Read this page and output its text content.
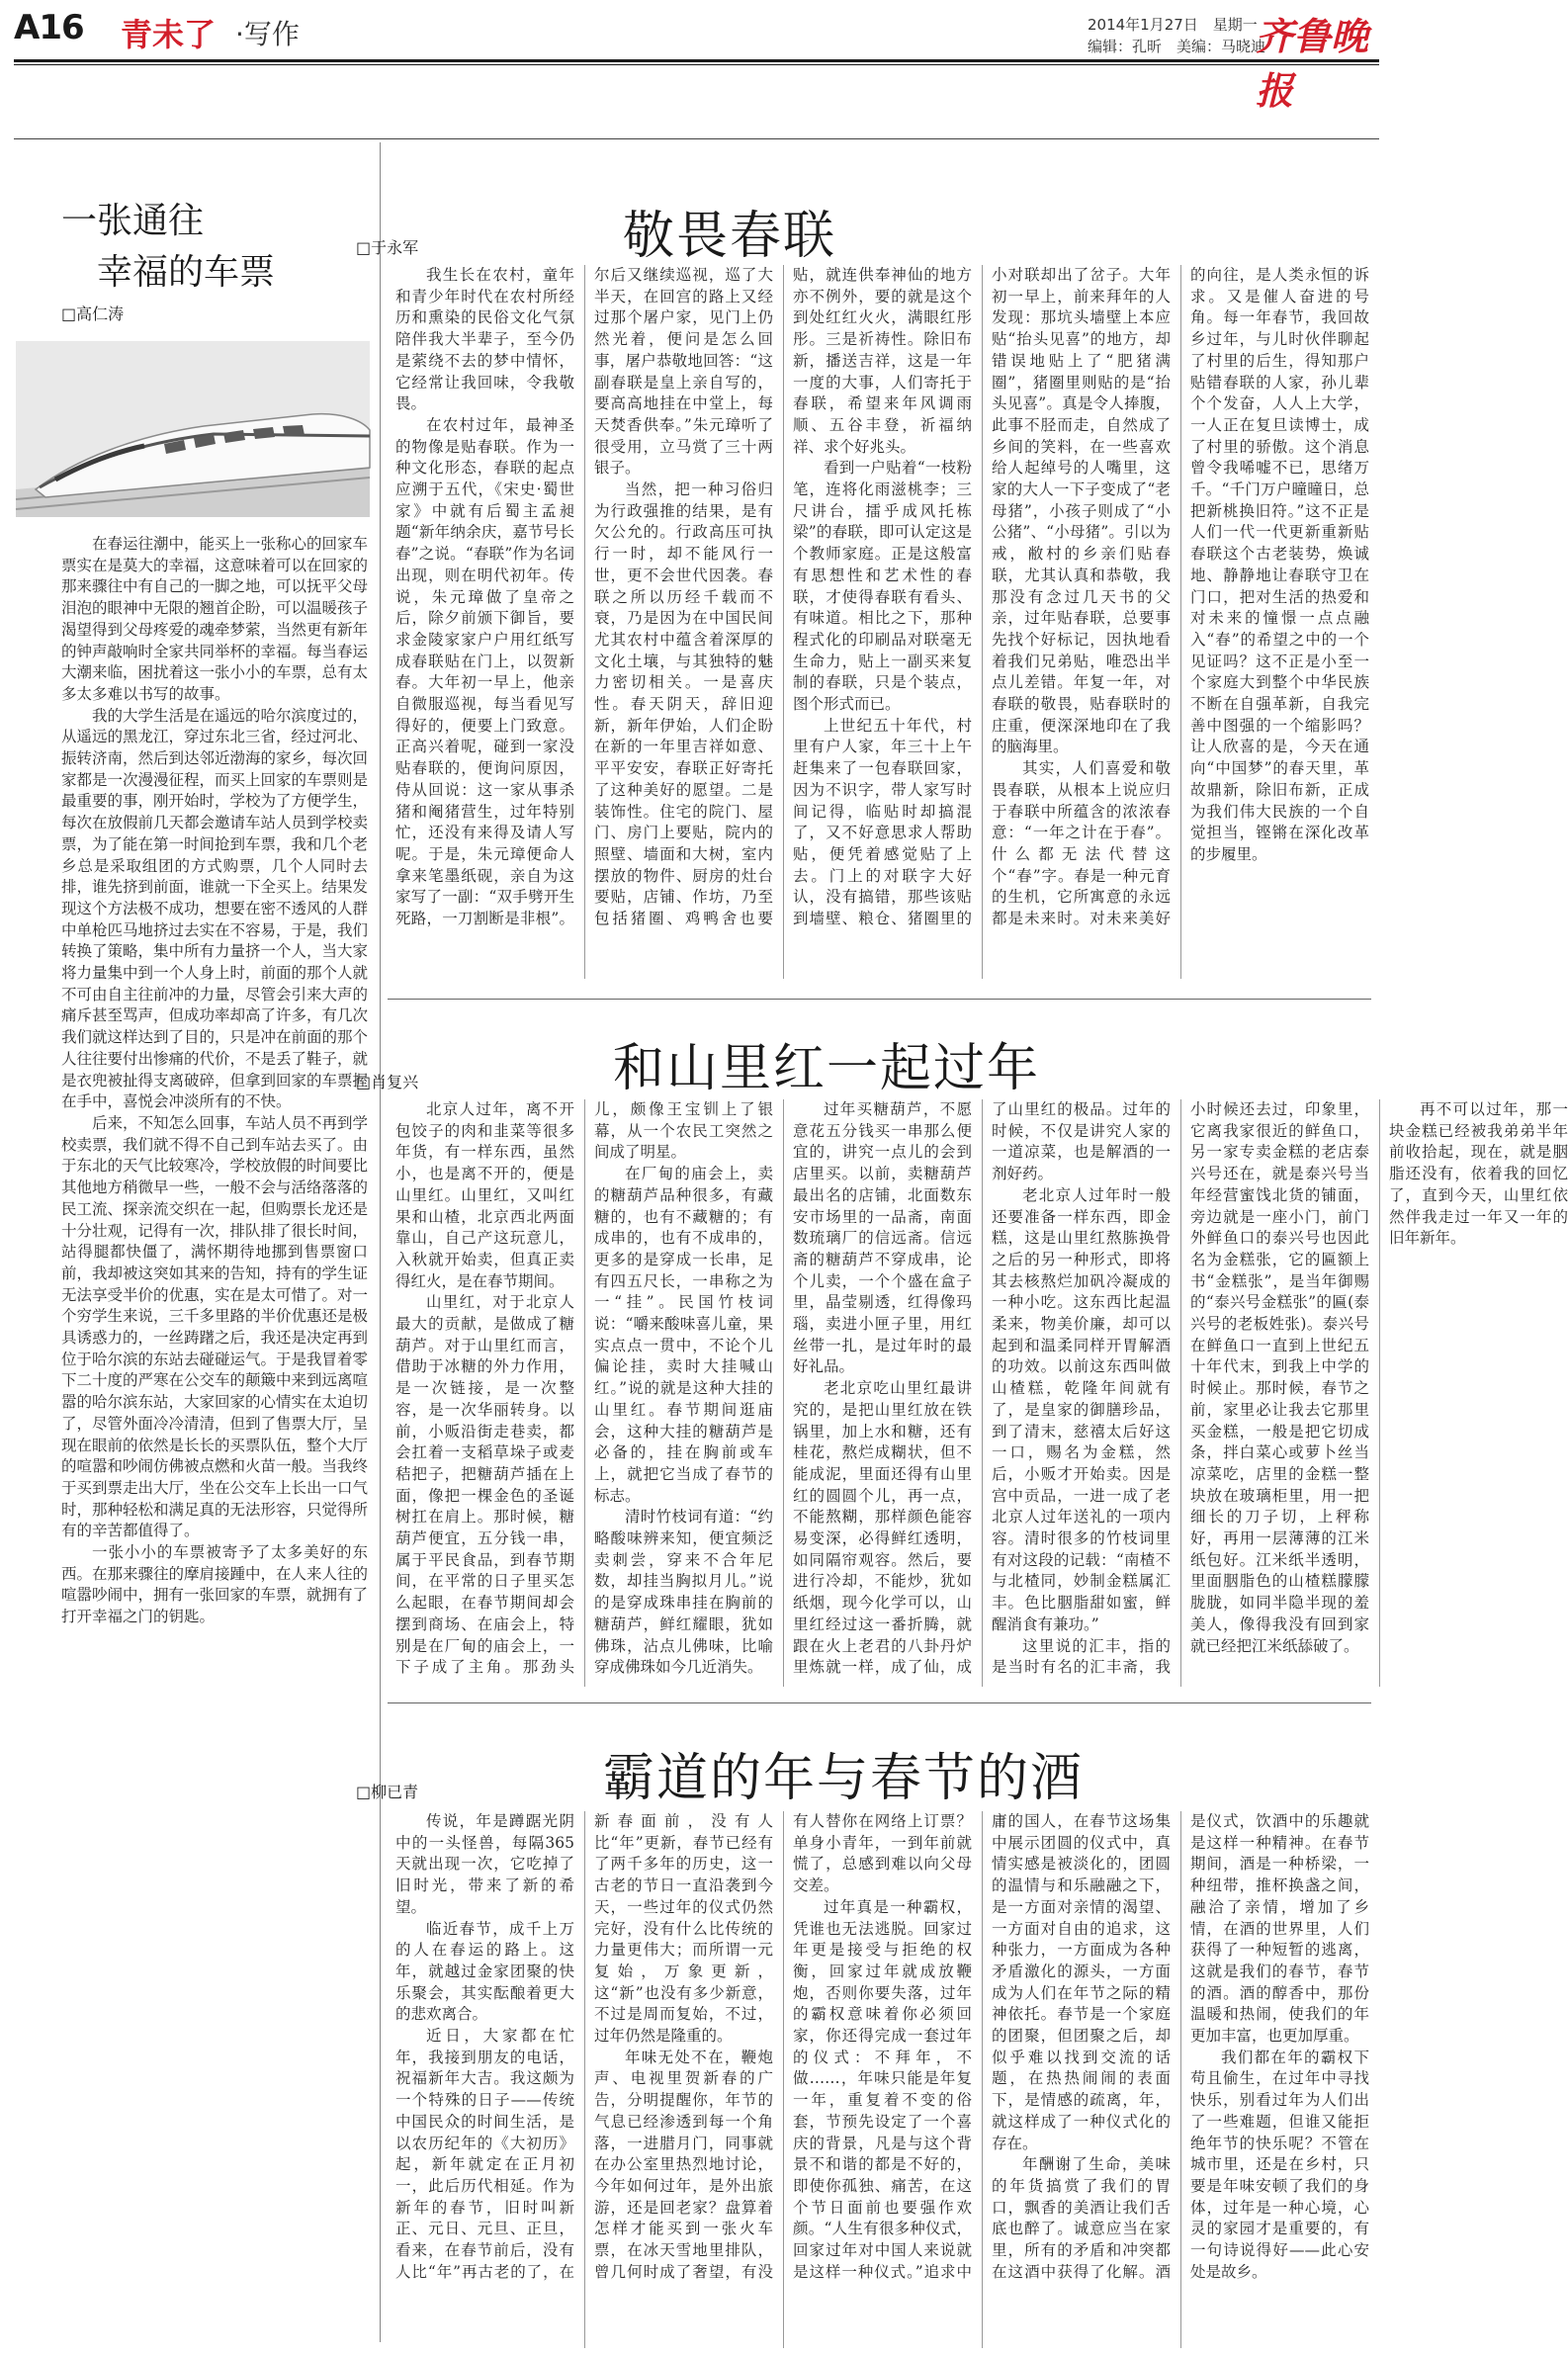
A16 青未了 ·写作	2014年1月27日　星期一
编辑：孔昕　美编：马晓迪
齐鲁晚报
一张通往
幸福的车票
□高仁涛

在春运往潮中，能买上一张称心的回家车票实在是莫大的幸福，这意味着可以在回家的那来骤往中有自己的一脚之地，可以抚平父母泪泡的眼神中无限的翘首企盼，可以温暖孩子渴望得到父母疼爱的魂牵梦萦，当然更有新年的钟声敲响时全家共同举杯的幸福。每当春运大潮来临，困扰着这一张小小的车票，总有太多太多难以书写的故事。

我的大学生活是在遥远的哈尔滨度过的，从遥远的黑龙江，穿过东北三省，经过河北、振转济南，然后到达邻近渤海的家乡，每次回家都是一次漫漫征程，而买上回家的车票则是最重要的事，刚开始时，学校为了方便学生，每次在放假前几天都会邀请车站人员到学校卖票，为了能在第一时间抢到车票，我和几个老乡总是采取组团的方式购票，几个人同时去排，谁先挤到前面，谁就一下全买上。结果发现这个方法极不成功，想要在密不透风的人群中单枪匹马地挤过去实在不容易，于是，我们转换了策略，集中所有力量挤一个人，当大家将力量集中到一个人身上时，前面的那个人就不可由自主往前冲的力量，尽管会引来大声的痛斥甚至骂声，但成功率却高了许多，有几次我们就这样达到了目的，只是冲在前面的那个人往往要付出惨痛的代价，不是丢了鞋子，就是衣兜被扯得支离破碎，但拿到回家的车票握在手中，喜悦会冲淡所有的不快。

后来，不知怎么回事，车站人员不再到学校卖票，我们就不得不自己到车站去买了。由于东北的天气比较寒冷，学校放假的时间要比其他地方稍微早一些，一般不会与活络落落的民工流、探亲流交织在一起，但购票长龙还是十分壮观，记得有一次，排队排了很长时间，站得腿都快僵了，满怀期待地挪到售票窗口前，我却被这突如其来的告知，持有的学生证无法享受半价的优惠，实在是太可惜了。对一个穷学生来说，三千多里路的半价优惠还是极具诱惑力的，一丝踌躇之后，我还是决定再到位于哈尔滨的东站去碰碰运气。于是我冒着零下二十度的严寒在公交车的颠簸中来到远离喧嚣的哈尔滨东站，大家回家的心情实在太迫切了，尽管外面冷冷清清，但到了售票大厅，呈现在眼前的依然是长长的买票队伍，整个大厅的喧嚣和吵闹仿佛被点燃和火苗一般。当我终于买到票走出大厅，坐在公交车上长出一口气时，那种轻松和满足真的无法形容，只觉得所有的辛苦都值得了。

一张小小的车票被寄予了太多美好的东西。在那来骤往的摩肩接踵中，在人来人往的喧嚣吵闹中，拥有一张回家的车票，就拥有了打开幸福之门的钥匙。

敬畏春联
□于永军

我生长在农村，童年和青少年时代在农村所经历和熏染的民俗文化气氛陪伴我大半辈子，至今仍是萦绕不去的梦中情怀，它经常让我回味，令我敬畏。

在农村过年，最神圣的物像是贴春联。作为一种文化形态，春联的起点应溯于五代，《宋史·蜀世家》中就有后蜀主孟昶题“新年纳余庆，嘉节号长春”之说。“春联”作为名词出现，则在明代初年。传说，朱元璋做了皇帝之后，除夕前颁下御旨，要求金陵家家户户用红纸写成春联贴在门上，以贺新春。大年初一早上，他亲自微服巡视，每当看见写得好的，便要上门致意。正高兴着呢，碰到一家没贴春联的，便询问原因，侍从回说：这一家从事杀猪和阉猪营生，过年特别忙，还没有来得及请人写呢。于是，朱元璋便命人拿来笔墨纸砚，亲自为这家写了一副：“双手劈开生死路，一刀割断是非根”。尔后又继续巡视，巡了大半天，在回宫的路上又经过那个屠户家，见门上仍然光着，便问是怎么回事，屠户恭敬地回答：“这副春联是皇上亲自写的，要高高地挂在中堂上，每天焚香供奉。”朱元璋听了很受用，立马赏了三十两银子。

当然，把一种习俗归为行政强推的结果，是有欠公允的。行政高压可执行一时，却不能风行一世，更不会世代因袭。春联之所以历经千载而不衰，乃是因为在中国民间尤其农村中蕴含着深厚的文化土壤，与其独特的魅力密切相关。一是喜庆性。春天阴天，辞旧迎新，新年伊始，人们企盼在新的一年里吉祥如意、平平安安，春联正好寄托了这种美好的愿望。二是装饰性。住宅的院门、屋门、房门上要贴，院内的照壁、墙面和大树，室内摆放的物件、厨房的灶台要贴，店铺、作坊，乃至包括猪圈、鸡鸭舍也要贴，就连供奉神仙的地方亦不例外，要的就是这个到处红红火火，满眼红彤彤。三是祈祷性。除旧布新，播送吉祥，这是一年一度的大事，人们寄托于春联，希望来年风调雨顺、五谷丰登，祈福纳祥、求个好兆头。

看到一户贴着“一枝粉笔，连将化雨滋桃李；三尺讲台，擂乎成风托栋梁”的春联，即可认定这是个教师家庭。正是这般富有思想性和艺术性的春联，才使得春联有看头、有味道。相比之下，那种程式化的印刷品对联毫无生命力，贴上一副买来复制的春联，只是个装点，图个形式而已。

上世纪五十年代，村里有户人家，年三十上午赶集来了一包春联回家，因为不识字，带人家写时间记得，临贴时却搞混了，又不好意思求人帮助贴，便凭着感觉贴了上去。门上的对联字大好认，没有搞错，那些该贴到墙壁、粮仓、猪圈里的小对联却出了岔子。大年初一早上，前来拜年的人发现：那坑头墙壁上本应贴“抬头见喜”的地方，却错误地贴上了“肥猪满圈”，猪圈里则贴的是“抬头见喜”。真是令人捧腹，此事不胫而走，自然成了乡间的笑料，在一些喜欢给人起绰号的人嘴里，这家的大人一下子变成了“老母猪”，小孩子则成了“小公猪”、“小母猪”。引以为戒，敝村的乡亲们贴春联，尤其认真和恭敬，我那没有念过几天书的父亲，过年贴春联，总要事先找个好标记，因执地看着我们兄弟贴，唯恐出半点儿差错。年复一年，对春联的敬畏，贴春联时的庄重，便深深地印在了我的脑海里。

其实，人们喜爱和敬畏春联，从根本上说应归于春联中所蕴含的浓浓春意：“一年之计在于春”。什么都无法代替这个“春”字。春是一种元育的生机，它所寓意的永远都是未来时。对未来美好的向往，是人类永恒的诉求。又是催人奋进的号角。每一年春节，我回故乡过年，与儿时伙伴聊起了村里的后生，得知那户贴错春联的人家，孙儿辈个个发奋，人人上大学，一人正在复旦读博士，成了村里的骄傲。这个消息曾令我唏嘘不已，思绪万千。“千门万户曈曈日，总把新桃换旧符。”这不正是人们一代一代更新重新贴春联这个古老装势，焕诚地、静静地让春联守卫在门口，把对生活的热爱和对未来的憧憬一点点融入“春”的希望之中的一个见证吗？这不正是小至一个家庭大到整个中华民族不断在自强革新，自我完善中图强的一个缩影吗？让人欣喜的是，今天在通向“中国梦”的春天里，革故鼎新，除旧布新，正成为我们伟大民族的一个自觉担当，铿锵在深化改革的步履里。

和山里红一起过年
□肖复兴

北京人过年，离不开包饺子的肉和韭菜等很多年货，有一样东西，虽然小，也是离不开的，便是山里红。山里红，又叫红果和山楂，北京西北两面靠山，自己产这玩意儿，入秋就开始卖，但真正卖得红火，是在春节期间。

山里红，对于北京人最大的贡献，是做成了糖葫芦。对于山里红而言，借助于冰糖的外力作用，是一次链接，是一次整容，是一次华丽转身。以前，小贩沿街走巷卖，都会扛着一支稻草垛子或麦秸把子，把糖葫芦插在上面，像把一棵金色的圣诞树扛在肩上。那时候，糖葫芦便宜，五分钱一串，属于平民食品，到春节期间，在平常的日子里买怎么起眼，在春节期间却会摆到商场、在庙会上，特别是在厂甸的庙会上，一下子成了主角。那劲头儿，颇像王宝钏上了银幕，从一个农民工突然之间成了明星。

在厂甸的庙会上，卖的糖葫芦品种很多，有藏糖的，也有不藏糖的；有成串的，也有不成串的，更多的是穿成一长串，足有四五尺长，一串称之为一“挂”。民国竹枝词说：“嚼来酸味喜儿童，果实点点一贯中，不论个儿偏论挂，卖时大挂喊山红。”说的就是这种大挂的山里红。春节期间逛庙会，这种大挂的糖葫芦是必备的，挂在胸前或车上，就把它当成了春节的标志。

清时竹枝词有道：“约略酸味辨来知，便宜频泛卖刺尝，穿来不合年尼数，却挂当胸拟月儿。”说的是穿成珠串挂在胸前的糖葫芦，鲜红耀眼，犹如佛珠，沾点儿佛味，比喻穿成佛珠如今几近消失。

过年买糖葫芦，不愿意花五分钱买一串那么便宜的，讲究一点儿的会到店里买。以前，卖糖葫芦最出名的店铺，北面数东安市场里的一品斋，南面数琉璃厂的信远斋。信远斋的糖葫芦不穿成串，论个儿卖，一个个盛在盒子里，晶莹剔透，红得像玛瑙，卖进小匣子里，用红丝带一扎，是过年时的最好礼品。

老北京吃山里红最讲究的，是把山里红放在铁锅里，加上水和糖，还有桂花，熬烂成糊状，但不能成泥，里面还得有山里红的圆圆个儿，再一点，不能熬糊，那样颜色能容易变深，必得鲜红透明，如同隔帘观容。然后，要进行冷却，不能炒，犹如纸烟，现今化学可以，山里红经过这一番折腾，就跟在火上老君的八卦丹炉里炼就一样，成了仙，成了山里红的极品。过年的时候，不仅是讲究人家的一道凉菜，也是解酒的一剂好药。

老北京人过年时一般还要准备一样东西，即金糕，这是山里红熬胨换骨之后的另一种形式，即将其去核熬烂加矾冷凝成的一种小吃。这东西比起温柔来，物美价廉，却可以起到和温柔同样开胃解酒的功效。以前这东西叫做山楂糕，乾隆年间就有了，是皇家的御膳珍品，到了清末，慈禧太后好这一口，赐名为金糕，然后，小贩才开始卖。因是宫中贡品，一进一成了老北京人过年送礼的一项内容。清时很多的竹枝词里有对这段的记载：“南楂不与北楂同，妙制金糕属汇丰。色比胭脂甜如蜜，鲜醒消食有兼功。”

这里说的汇丰，指的是当时有名的汇丰斋，我小时候还去过，印象里，它离我家很近的鲜鱼口，另一家专卖金糕的老店泰兴号还在，就是泰兴号当年经营蜜饯北货的铺面，旁边就是一座小门，前门外鲜鱼口的泰兴号也因此名为金糕张，它的匾额上书“金糕张”，是当年御赐的“泰兴号金糕张”的匾(泰兴号的老板姓张)。泰兴号在鲜鱼口一直到上世纪五十年代末，到我上中学的时候止。那时候，春节之前，家里必让我去它那里买金糕，一般是把它切成条，拌白菜心或萝卜丝当凉菜吃，店里的金糕一整块放在玻璃柜里，用一把细长的刀子切，上秤称好，再用一层薄薄的江米纸包好。江米纸半透明，里面胭脂色的山楂糕朦朦胧胧，如同半隐半现的羞美人，像得我没有回到家就已经把江米纸舔破了。

再不可以过年，那一块金糕已经被我弟弟半年前收拾起，现在，就是胭脂还没有，依着我的回忆了，直到今天，山里红依然伴我走过一年又一年的旧年新年。

霸道的年与春节的酒
□柳已青

传说，年是蹲踞光阴中的一头怪兽，每隔365天就出现一次，它吃掉了旧时光，带来了新的希望。

临近春节，成千上万的人在春运的路上。这年，就越过金家团聚的快乐聚会，其实酝酿着更大的悲欢离合。

近日，大家都在忙年，我接到朋友的电话，祝福新年大吉。我这颇为一个特殊的日子——传统中国民众的时间生活，是以农历纪年的《大初历》起，新年就定在正月初一，此后历代相延。作为新年的春节，旧时叫新正、元日、元旦、正旦，看来，在春节前后，没有人比“年”再古老的了，在新春面前，没有人比“年”更新，春节已经有了两千多年的历史，这一古老的节日一直沿袭到今天，一些过年的仪式仍然完好，没有什么比传统的力量更伟大；而所谓一元复始，万象更新，这“新”也没有多少新意，不过是周而复始，不过，过年仍然是隆重的。

年味无处不在，鞭炮声、电视里贺新春的广告，分明提醒你，年节的气息已经渗透到每一个角落，一进腊月门，同事就在办公室里热烈地讨论，今年如何过年，是外出旅游，还是回老家？盘算着怎样才能买到一张火车票，在冰天雪地里排队，曾几何时成了奢望，有没有人替你在网络上订票？单身小青年，一到年前就慌了，总感到难以向父母交差。

过年真是一种霸权，凭谁也无法逃脱。回家过年更是接受与拒绝的权衡，回家过年就成放鞭炮，否则你要失落，过年的霸权意味着你必须回家，你还得完成一套过年的仪式：不拜年，不做……，年味只能是年复一年，重复着不变的俗套，节预先设定了一个喜庆的背景，凡是与这个背景不和谐的都是不好的，即使你孤独、痛苦，在这个节日面前也要强作欢颜。“人生有很多种仪式，回家过年对中国人来说就是这样一种仪式。”追求中庸的国人，在春节这场集中展示团圆的仪式中，真情实感是被淡化的，团圆的温情与和乐融融之下，是一方面对亲情的渴望、一方面对自由的追求，这种张力，一方面成为各种矛盾激化的源头，一方面成为人们在年节之际的精神依托。春节是一个家庭的团聚，但团聚之后，却似乎难以找到交流的话题，在热热闹闹的表面下，是情感的疏离，年，就这样成了一种仪式化的存在。

年酬谢了生命，美味的年货搞赏了我们的胃口，飘香的美酒让我们舌底也醉了。诚意应当在家里，所有的矛盾和冲突都在这酒中获得了化解。酒是仪式，饮酒中的乐趣就是这样一种精神。在春节期间，酒是一种桥梁，一种纽带，推杯换盏之间，融洽了亲情，增加了乡情，在酒的世界里，人们获得了一种短暂的逃离，这就是我们的春节，春节的酒。酒的醇香中，那份温暖和热闹，使我们的年更加丰富，也更加厚重。

我们都在年的霸权下苟且偷生，在过年中寻找快乐，别看过年为人们出了一些难题，但谁又能拒绝年节的快乐呢？不管在城市里，还是在乡村，只要是年味安顿了我们的身体，过年是一种心境，心灵的家园才是重要的，有一句诗说得好——此心安处是故乡。
